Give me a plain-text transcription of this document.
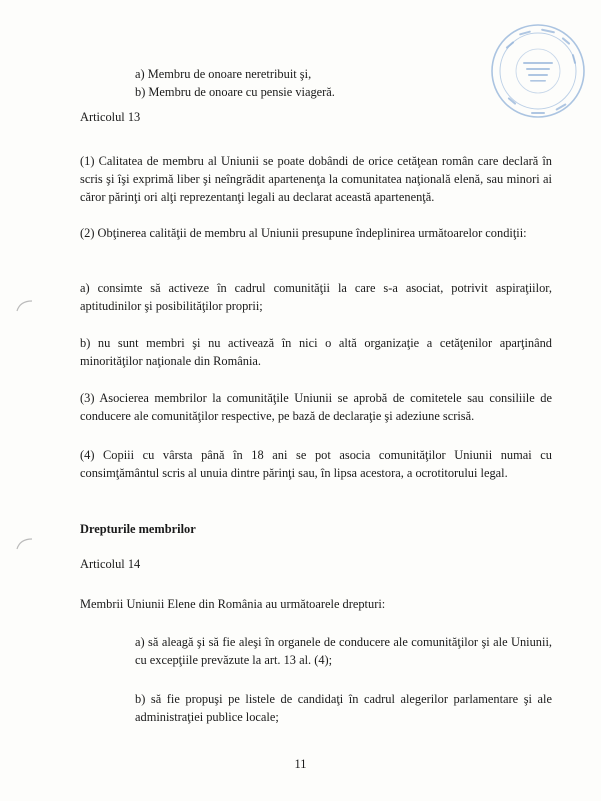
a) Membru de onoare neretribuit şi,
b) Membru de onoare cu pensie viageră.
Articolul 13
(1) Calitatea de membru al Uniunii se poate dobândi de orice cetăţean român care declară în scris şi îşi exprimă liber şi neîngrădit apartenenţa la comunitatea naţională elenă, sau minori ai căror părinţi ori alţi reprezentanţi legali au declarat această apartenenţă.
(2) Obţinerea calităţii de membru al Uniunii presupune îndeplinirea următoarelor condiţii:
a) consimte să activeze în cadrul comunităţii la care s-a asociat, potrivit aspiraţiilor, aptitudinilor şi posibilităţilor proprii;
b) nu sunt membri şi nu activează în nici o altă organizaţie a cetăţenilor aparţinând minorităţilor naţionale din România.
(3) Asocierea membrilor la comunităţile Uniunii se aprobă de comitetele sau consiliile de conducere ale comunităţilor respective, pe bază de declaraţie şi adeziune scrisă.
(4) Copiii cu vârsta până în 18 ani se pot asocia comunităţilor Uniunii numai cu consimţământul scris al unuia dintre părinţi sau, în lipsa acestora, a ocrotitorului legal.
Drepturile membrilor
Articolul 14
Membrii Uniunii Elene din România au următoarele drepturi:
a) să aleagă şi să fie aleşi în organele de conducere ale comunităţilor şi ale Uniunii, cu excepţiile prevăzute la art. 13 al. (4);
b) să fie propuşi pe listele de candidaţi în cadrul alegerilor parlamentare şi ale administraţiei publice locale;
11
